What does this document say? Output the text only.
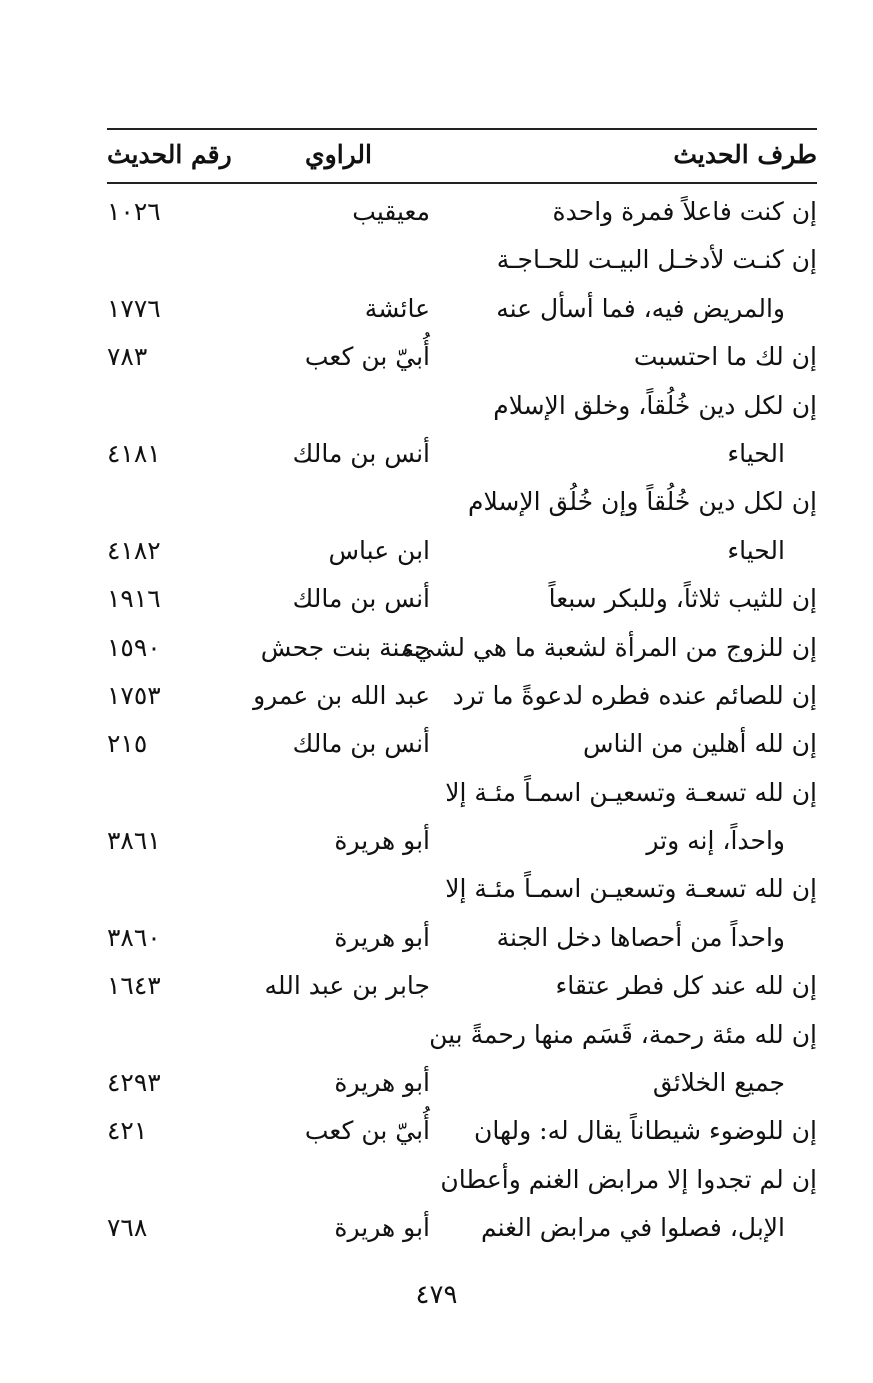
طرف الحديث
الراوي
رقم الحديث
إن كنت فاعلاً فمرة واحدة
معيقيب
١٠٢٦
إن كنـت لأدخـل البيـت للحـاجـة
والمريض فيه، فما أسأل عنه
عائشة
١٧٧٦
إن لك ما احتسبت
أُبيّ بن كعب
٧٨٣
إن لكل دين خُلُقاً، وخلق الإسلام
الحياء
أنس بن مالك
٤١٨١
إن لكل دين خُلُقاً وإن خُلُق الإسلام
الحياء
ابن عباس
٤١٨٢
إن للثيب ثلاثاً، وللبكر سبعاً
أنس بن مالك
١٩١٦
إن للزوج من المرأة لشعبة ما هي لشيء
حمنة بنت جحش
١٥٩٠
إن للصائم عنده فطره لدعوةً ما ترد
عبد الله بن عمرو
١٧٥٣
إن لله أهلين من الناس
أنس بن مالك
٢١٥
إن لله تسعـة وتسعيـن اسمـاً مئـة إلا
واحداً، إنه وتر
أبو هريرة
٣٨٦١
إن لله تسعـة وتسعيـن اسمـاً مئـة إلا
واحداً من أحصاها دخل الجنة
أبو هريرة
٣٨٦٠
إن لله عند كل فطر عتقاء
جابر بن عبد الله
١٦٤٣
إن لله مئة رحمة، قَسَم منها رحمةً بين
جميع الخلائق
أبو هريرة
٤٢٩٣
إن للوضوء شيطاناً يقال له: ولهان
أُبيّ بن كعب
٤٢١
إن لم تجدوا إلا مرابض الغنم وأعطان
الإبل، فصلوا في مرابض الغنم
أبو هريرة
٧٦٨
٤٧٩
